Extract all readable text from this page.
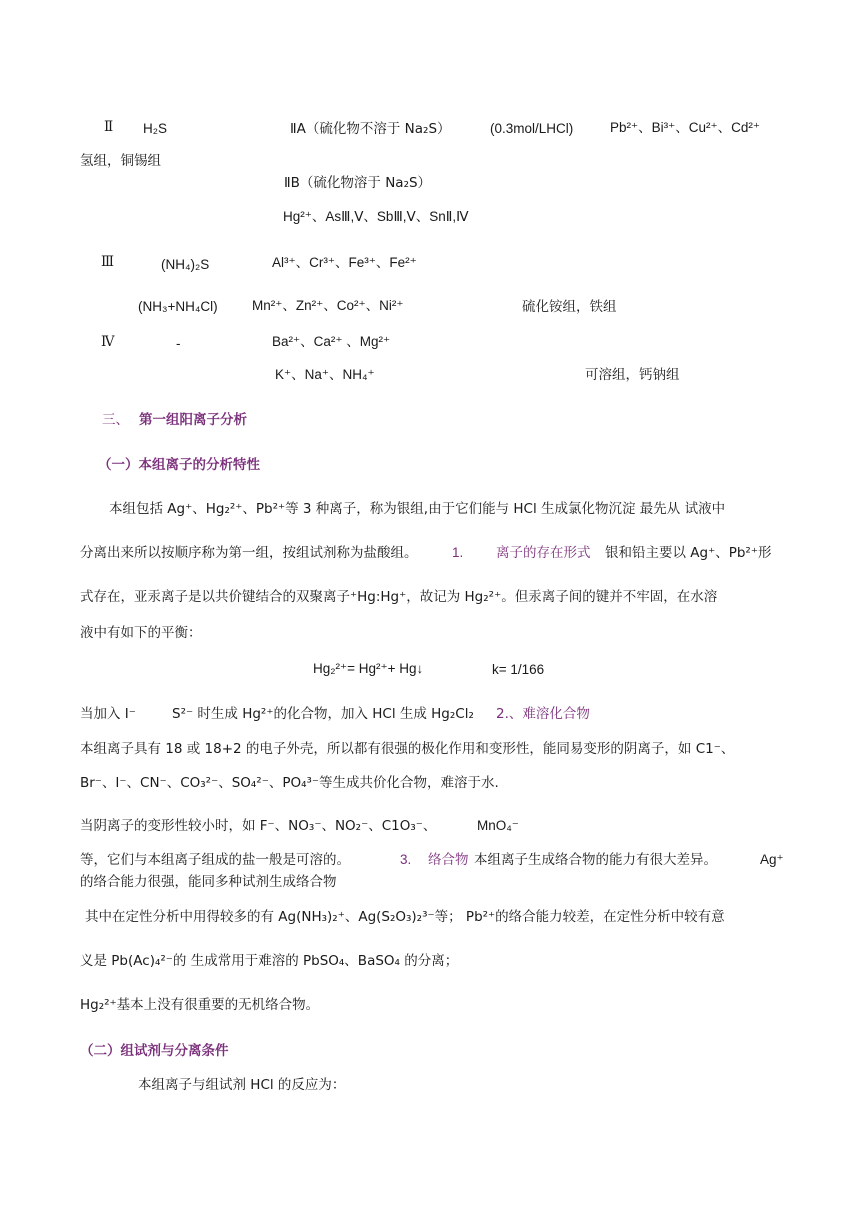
Ⅱ H₂S	ⅡA（硫化物不溶于 Na₂S）	(0.3mol/LHCl)	Pb²⁺、Bi³⁺、Cu²⁺、Cd²⁺
氢组，铜锡组
ⅡB（硫化物溶于 Na₂S）
Hg²⁺、AsⅢ,Ⅴ、SbⅢ,Ⅴ、SnⅡ,Ⅳ
Ⅲ	(NH₄)₂S	Al³⁺、Cr³⁺、Fe³⁺、Fe²⁺
(NH₃+NH₄Cl)	Mn²⁺、Zn²⁺、Co²⁺、Ni²⁺	硫化铵组，铁组
Ⅳ	-	Ba²⁺、Ca²⁺ 、Mg²⁺
K⁺、Na⁺、NH₄⁺	可溶组，钙钠组
三、 第一组阳离子分析
（一）本组离子的分析特性
本组包括 Ag⁺、Hg₂²⁺、Pb²⁺等 3 种离子，称为银组,由于它们能与 HCl 生成氯化物沉淀 最先从 试液中
分离出来所以按顺序称为第一组，按组试剂称为盐酸组。	1. 离子的存在形式 银和铅主要以 Ag⁺、Pb²⁺形
式存在，亚汞离子是以共价键结合的双聚离子⁺Hg:Hg⁺，故记为 Hg₂²⁺。但汞离子间的键并不牢固，在水溶
液中有如下的平衡：
Hg₂²⁺= Hg²⁺+ Hg↓	k= 1/166
当加入 I⁻	S²⁻ 时生成 Hg²⁺的化合物，加入 HCl 生成 Hg₂Cl₂ 2.、难溶化合物
本组离子具有 18 或 18+2 的电子外壳，所以都有很强的极化作用和变形性，能同易变形的阴离子，如 C1⁻、
Br⁻、I⁻、CN⁻、CO₃²⁻、SO₄²⁻、PO₄³⁻等生成共价化合物，难溶于水.
当阴离子的变形性较小时，如 F⁻、NO₃⁻、NO₂⁻、C1O₃⁻、	MnO₄⁻
等，它们与本组离子组成的盐一般是可溶的。	3. 络合物 本组离子生成络合物的能力有很大差异。	Ag⁺
的络合能力很强，能同多种试剂生成络合物
其中在定性分析中用得较多的有 Ag(NH₃)₂⁺、Ag(S₂O₃)₂³⁻等； Pb²⁺的络合能力较差，在定性分析中较有意
义是 Pb(Ac)₄²⁻的 生成常用于难溶的 PbSO₄、BaSO₄ 的分离；
Hg₂²⁺基本上没有很重要的无机络合物。
（二）组试剂与分离条件
本组离子与组试剂 HCl 的反应为：
